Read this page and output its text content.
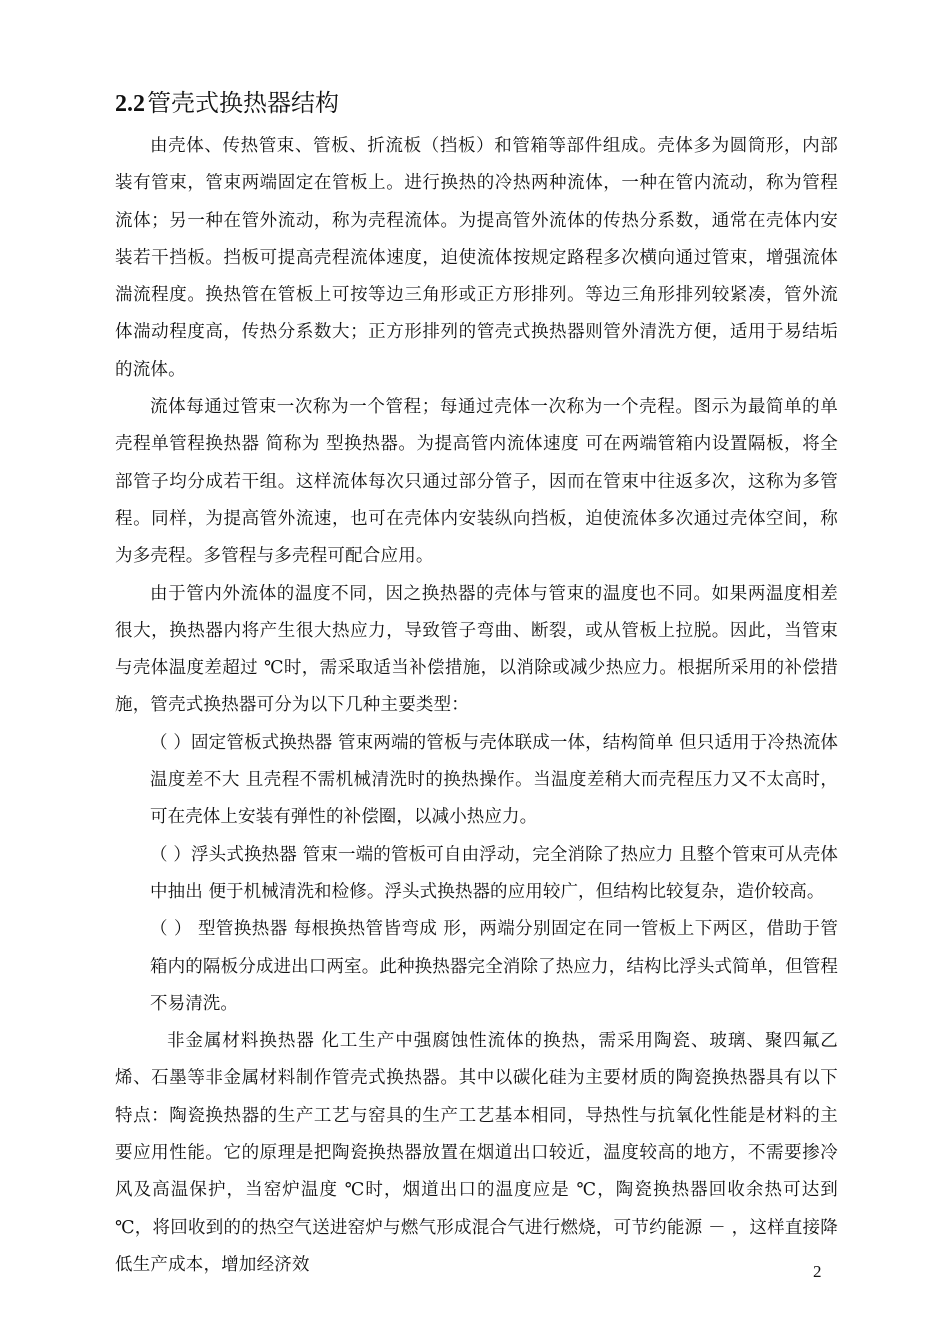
2.2管壳式换热器结构

由壳体、传热管束、管板、折流板（挡板）和管箱等部件组成。壳体多为圆筒形，内部装有管束，管束两端固定在管板上。进行换热的冷热两种流体，一种在管内流动，称为管程流体；另一种在管外流动，称为壳程流体。为提高管外流体的传热分系数，通常在壳体内安装若干挡板。挡板可提高壳程流体速度，迫使流体按规定路程多次横向通过管束，增强流体湍流程度。换热管在管板上可按等边三角形或正方形排列。等边三角形排列较紧凑，管外流体湍动程度高，传热分系数大；正方形排列的管壳式换热器则管外清洗方便，适用于易结垢的流体。

流体每通过管束一次称为一个管程；每通过壳体一次称为一个壳程。图示为最简单的单壳程单管程换热器 简称为 型换热器。为提高管内流体速度 可在两端管箱内设置隔板，将全部管子均分成若干组。这样流体每次只通过部分管子，因而在管束中往返多次，这称为多管程。同样，为提高管外流速，也可在壳体内安装纵向挡板，迫使流体多次通过壳体空间，称为多壳程。多管程与多壳程可配合应用。

由于管内外流体的温度不同，因之换热器的壳体与管束的温度也不同。如果两温度相差很大，换热器内将产生很大热应力，导致管子弯曲、断裂，或从管板上拉脱。因此，当管束与壳体温度差超过 ℃时，需采取适当补偿措施，以消除或减少热应力。根据所采用的补偿措施，管壳式换热器可分为以下几种主要类型：

（ ）固定管板式换热器 管束两端的管板与壳体联成一体，结构简单 但只适用于冷热流体温度差不大 且壳程不需机械清洗时的换热操作。当温度差稍大而壳程压力又不太高时，可在壳体上安装有弹性的补偿圈，以减小热应力。

（ ）浮头式换热器 管束一端的管板可自由浮动，完全消除了热应力 且整个管束可从壳体中抽出 便于机械清洗和检修。浮头式换热器的应用较广，但结构比较复杂，造价较高。

（ ） 型管换热器 每根换热管皆弯成 形，两端分别固定在同一管板上下两区，借助于管箱内的隔板分成进出口两室。此种换热器完全消除了热应力，结构比浮头式简单，但管程不易清洗。

非金属材料换热器 化工生产中强腐蚀性流体的换热，需采用陶瓷、玻璃、聚四氟乙烯、石墨等非金属材料制作管壳式换热器。其中以碳化硅为主要材质的陶瓷换热器具有以下特点：陶瓷换热器的生产工艺与窑具的生产工艺基本相同，导热性与抗氧化性能是材料的主要应用性能。它的原理是把陶瓷换热器放置在烟道出口较近，温度较高的地方，不需要掺冷风及高温保护，当窑炉温度 ℃时，烟道出口的温度应是 ℃，陶瓷换热器回收余热可达到 ℃，将回收到的的热空气送进窑炉与燃气形成混合气进行燃烧，可节约能源 － ，这样直接降低生产成本，增加经济效	2
